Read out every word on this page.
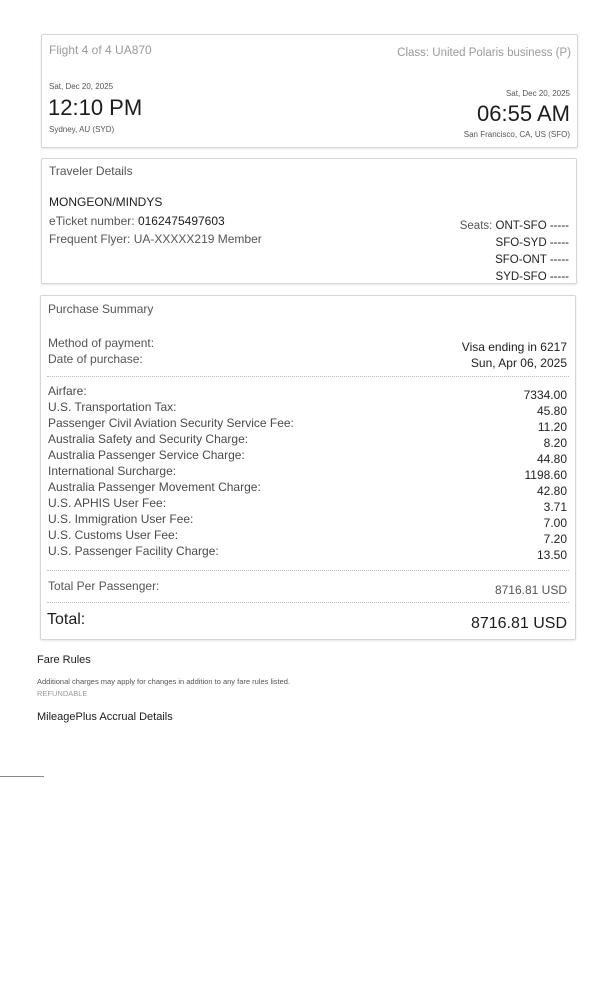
Flight 4 of 4 UA870	Class: United Polaris business (P)
Sat, Dec 20, 2025
12:10 PM
Sydney, AU (SYD)
Sat, Dec 20, 2025
06:55 AM
San Francisco, CA, US (SFO)
Traveler Details
MONGEON/MINDYS
eTicket number: 0162475497603
Frequent Flyer: UA-XXXXX219 Member
Seats: ONT-SFO -----
SFO-SYD -----
SFO-ONT -----
SYD-SFO -----
Purchase Summary
Method of payment:	Visa ending in 6217
Date of purchase:	Sun, Apr 06, 2025
Airfare:	7334.00
U.S. Transportation Tax:	45.80
Passenger Civil Aviation Security Service Fee:	11.20
Australia Safety and Security Charge:	8.20
Australia Passenger Service Charge:	44.80
International Surcharge:	1198.60
Australia Passenger Movement Charge:	42.80
U.S. APHIS User Fee:	3.71
U.S. Immigration User Fee:	7.00
U.S. Customs User Fee:	7.20
U.S. Passenger Facility Charge:	13.50
Total Per Passenger:	8716.81 USD
Total:	8716.81 USD
Fare Rules
Additional charges may apply for changes in addition to any fare rules listed.
REFUNDABLE
MileagePlus Accrual Details
